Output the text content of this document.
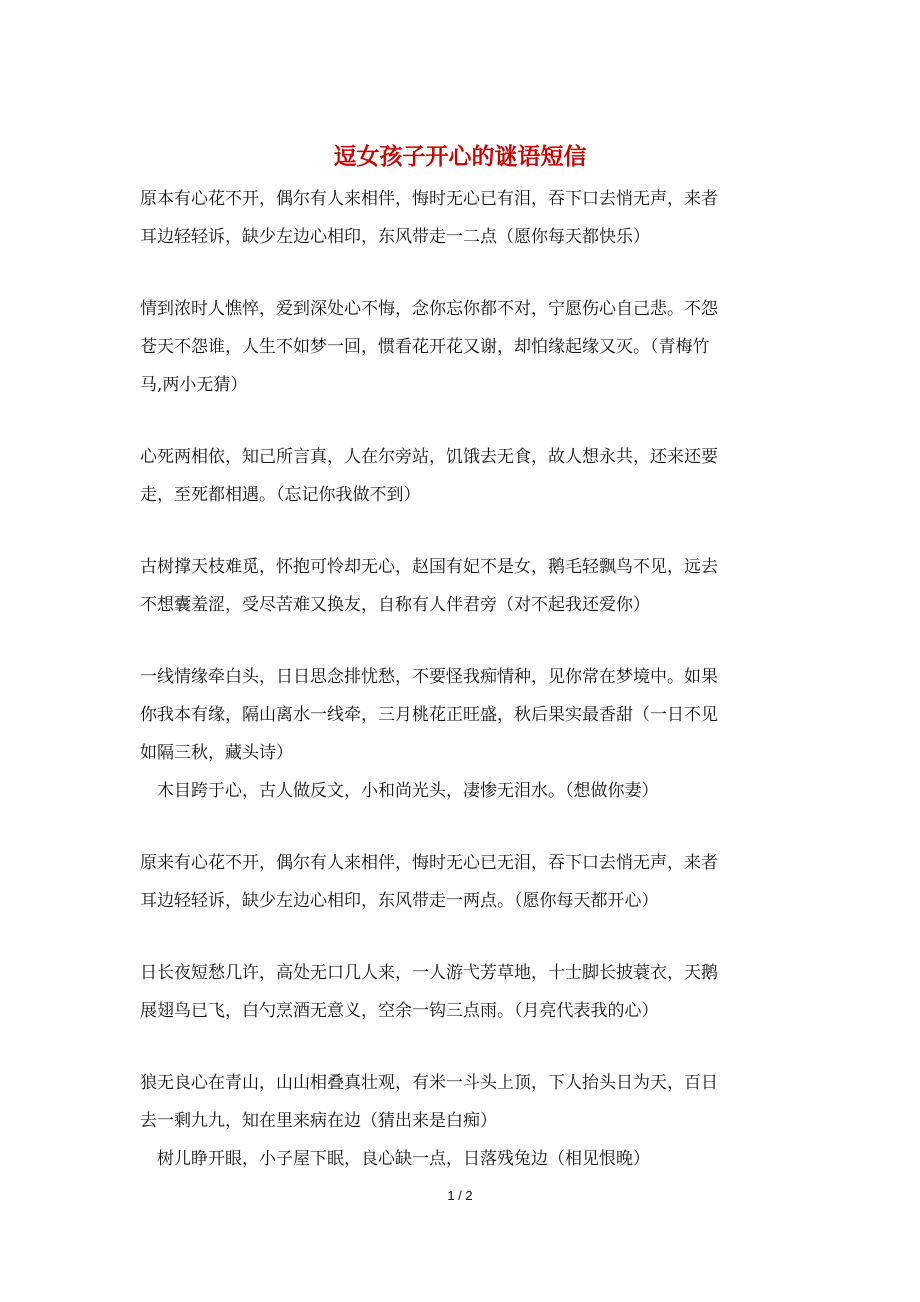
逗女孩子开心的谜语短信
原本有心花不开，偶尔有人来相伴，悔时无心已有泪，吞下口去悄无声，来者
耳边轻轻诉，缺少左边心相印，东风带走一二点（愿你每天都快乐）
情到浓时人憔悴，爱到深处心不悔，念你忘你都不对，宁愿伤心自己悲。不怨
苍天不怨谁，人生不如梦一回，惯看花开花又谢，却怕缘起缘又灭。（青梅竹
马,两小无猜）
心死两相依，知己所言真，人在尔旁站，饥饿去无食，故人想永共，还来还要
走，至死都相遇。（忘记你我做不到）
古树撑天枝难觅，怀抱可怜却无心，赵国有妃不是女，鹅毛轻飘鸟不见，远去
不想囊羞涩，受尽苦难又换友，自称有人伴君旁（对不起我还爱你）
一线情缘牵白头，日日思念排忧愁，不要怪我痴情种，见你常在梦境中。如果
你我本有缘，隔山离水一线牵，三月桃花正旺盛，秋后果实最香甜（一日不见
如隔三秋，藏头诗）
木目跨于心，古人做反文，小和尚光头，凄惨无泪水。（想做你妻）
原来有心花不开，偶尔有人来相伴，悔时无心已无泪，吞下口去悄无声，来者
耳边轻轻诉，缺少左边心相印，东风带走一两点。（愿你每天都开心）
日长夜短愁几许，高处无口几人来，一人游弋芳草地，十士脚长披蓑衣，天鹅
展翅鸟已飞，白勺烹酒无意义，空余一钩三点雨。（月亮代表我的心）
狼无良心在青山，山山相叠真壮观，有米一斗头上顶，下人抬头日为天，百日
去一剩九九，知在里来病在边（猜出来是白痴）
树儿睁开眼，小子屋下眠，良心缺一点，日落残兔边（相见恨晚）
1 / 2
